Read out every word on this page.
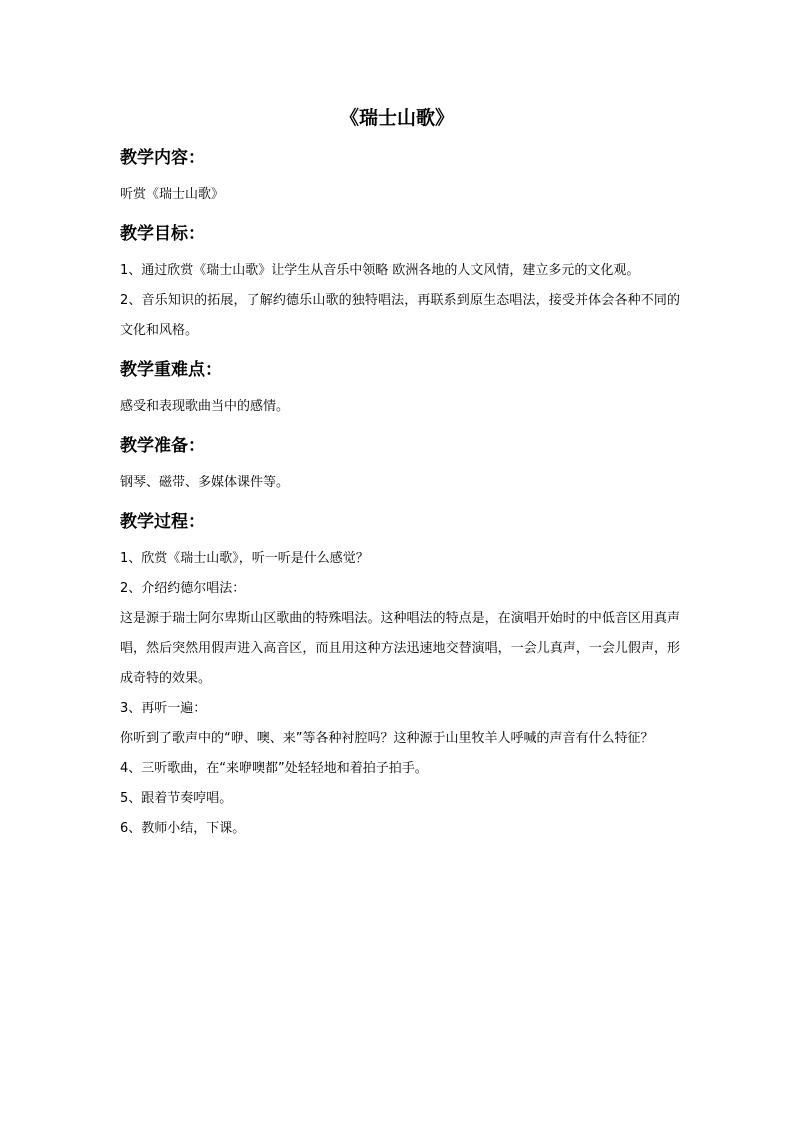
《瑞士山歌》

教学内容：

听赏《瑞士山歌》

教学目标：

1、通过欣赏《瑞士山歌》让学生从音乐中领略 欧洲各地的人文风情，建立多元的文化观。

2、音乐知识的拓展，了解约德乐山歌的独特唱法，再联系到原生态唱法，接受并体会各种不同的文化和风格。

教学重难点：

感受和表现歌曲当中的感情。

教学准备：

钢琴、磁带、多媒体课件等。

教学过程：

1、欣赏《瑞士山歌》，听一听是什么感觉？

2、介绍约德尔唱法：

这是源于瑞士阿尔卑斯山区歌曲的特殊唱法。这种唱法的特点是，在演唱开始时的中低音区用真声唱，然后突然用假声进入高音区，而且用这种方法迅速地交替演唱，一会儿真声，一会儿假声，形成奇特的效果。

3、再听一遍：

你听到了歌声中的“咿、噢、来”等各种衬腔吗？这种源于山里牧羊人呼喊的声音有什么特征？

4、三听歌曲，在“来咿噢都”处轻轻地和着拍子拍手。

5、跟着节奏哼唱。

6、教师小结，下课。
